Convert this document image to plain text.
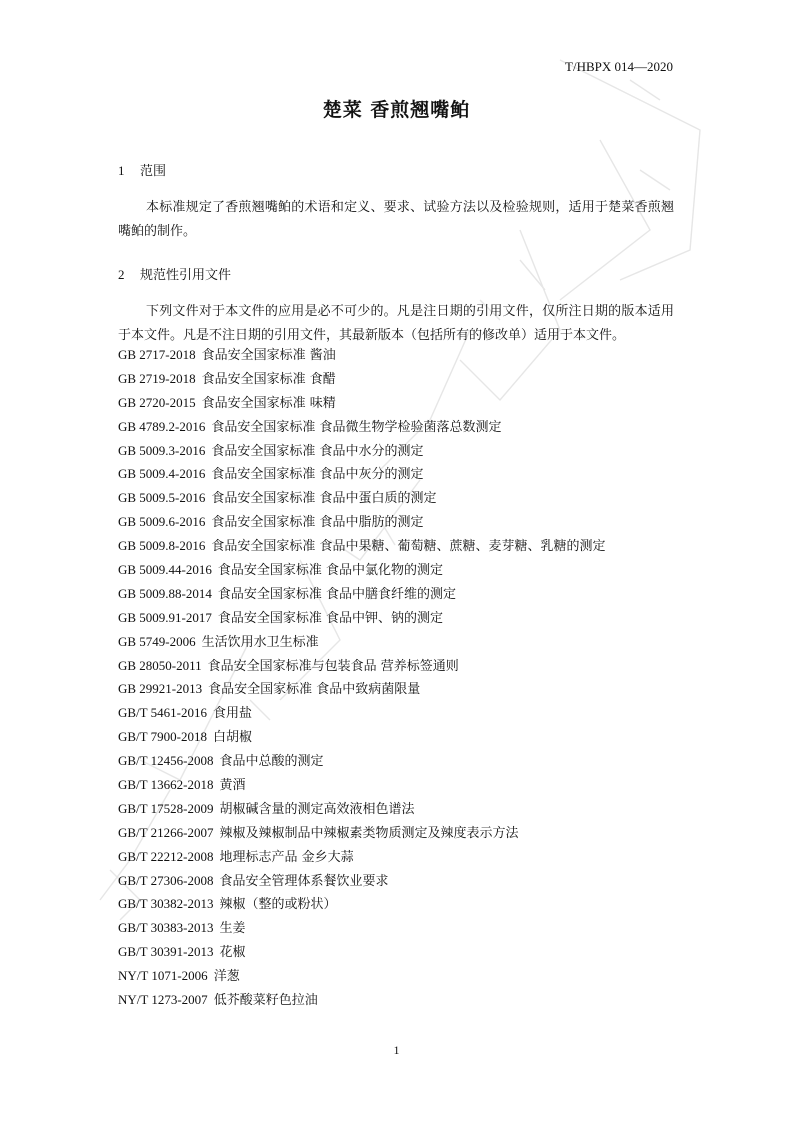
T/HBPX 014—2020
楚菜 香煎翘嘴鲌
1 范围
本标准规定了香煎翘嘴鲌的术语和定义、要求、试验方法以及检验规则，适用于楚菜香煎翘嘴鲌的制作。
2 规范性引用文件
下列文件对于本文件的应用是必不可少的。凡是注日期的引用文件，仅所注日期的版本适用于本文件。凡是不注日期的引用文件，其最新版本（包括所有的修改单）适用于本文件。
GB 2717-2018 食品安全国家标准 酱油
GB 2719-2018 食品安全国家标准 食醋
GB 2720-2015 食品安全国家标准 味精
GB 4789.2-2016 食品安全国家标准 食品微生物学检验菌落总数测定
GB 5009.3-2016 食品安全国家标准 食品中水分的测定
GB 5009.4-2016 食品安全国家标准 食品中灰分的测定
GB 5009.5-2016 食品安全国家标准 食品中蛋白质的测定
GB 5009.6-2016 食品安全国家标准 食品中脂肪的测定
GB 5009.8-2016 食品安全国家标准 食品中果糖、葡萄糖、蔗糖、麦芽糖、乳糖的测定
GB 5009.44-2016 食品安全国家标准 食品中氯化物的测定
GB 5009.88-2014 食品安全国家标准 食品中膳食纤维的测定
GB 5009.91-2017 食品安全国家标准 食品中钾、钠的测定
GB 5749-2006 生活饮用水卫生标准
GB 28050-2011 食品安全国家标准与包装食品 营养标签通则
GB 29921-2013 食品安全国家标准 食品中致病菌限量
GB/T 5461-2016 食用盐
GB/T 7900-2018 白胡椒
GB/T 12456-2008 食品中总酸的测定
GB/T 13662-2018 黄酒
GB/T 17528-2009 胡椒碱含量的测定高效液相色谱法
GB/T 21266-2007 辣椒及辣椒制品中辣椒素类物质测定及辣度表示方法
GB/T 22212-2008 地理标志产品 金乡大蒜
GB/T 27306-2008 食品安全管理体系餐饮业要求
GB/T 30382-2013 辣椒（整的或粉状）
GB/T 30383-2013 生姜
GB/T 30391-2013 花椒
NY/T 1071-2006 洋葱
NY/T 1273-2007 低芥酸菜籽色拉油
1
